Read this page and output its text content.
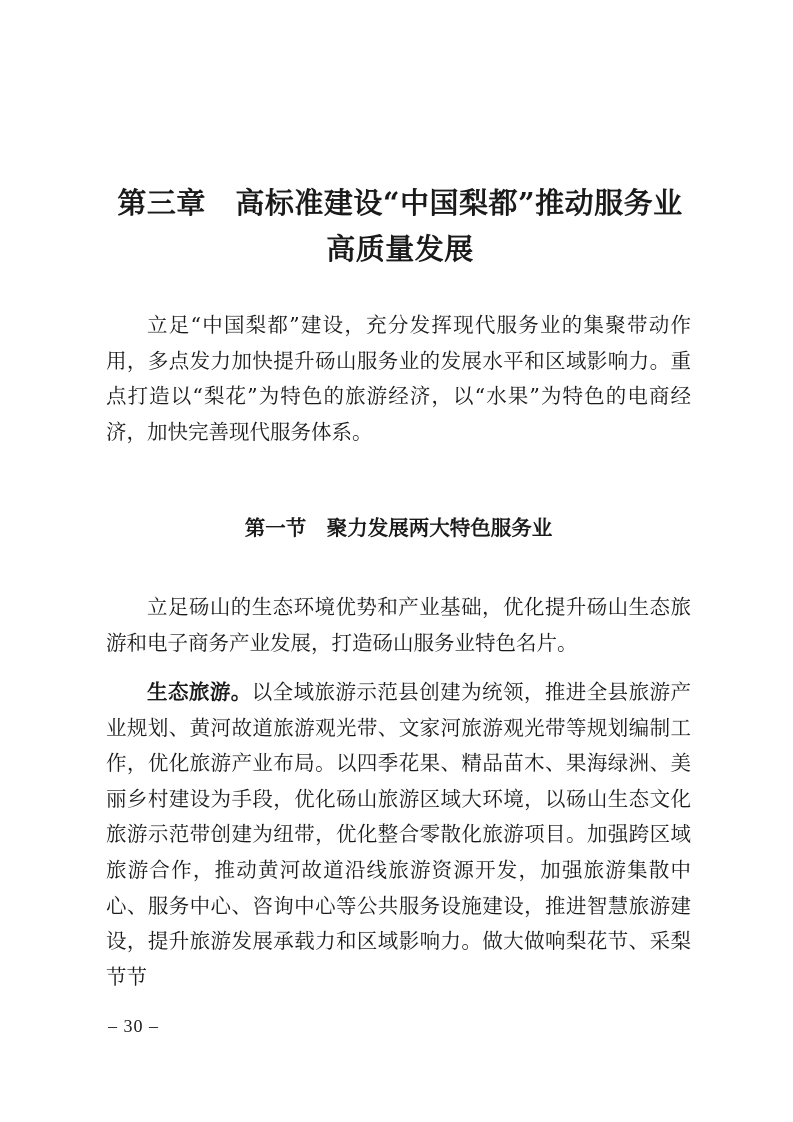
第三章　高标准建设“中国梨都”推动服务业
高质量发展

立足“中国梨都”建设，充分发挥现代服务业的集聚带动作用，多点发力加快提升砀山服务业的发展水平和区域影响力。重点打造以“梨花”为特色的旅游经济，以“水果”为特色的电商经济，加快完善现代服务体系。

第一节　聚力发展两大特色服务业

立足砀山的生态环境优势和产业基础，优化提升砀山生态旅游和电子商务产业发展，打造砀山服务业特色名片。

生态旅游。以全域旅游示范县创建为统领，推进全县旅游产业规划、黄河故道旅游观光带、文家河旅游观光带等规划编制工作，优化旅游产业布局。以四季花果、精品苗木、果海绿洲、美丽乡村建设为手段，优化砀山旅游区域大环境，以砀山生态文化旅游示范带创建为纽带，优化整合零散化旅游项目。加强跨区域旅游合作，推动黄河故道沿线旅游资源开发，加强旅游集散中心、服务中心、咨询中心等公共服务设施建设，推进智慧旅游建设，提升旅游发展承载力和区域影响力。做大做响梨花节、采梨节节

– 30 –
